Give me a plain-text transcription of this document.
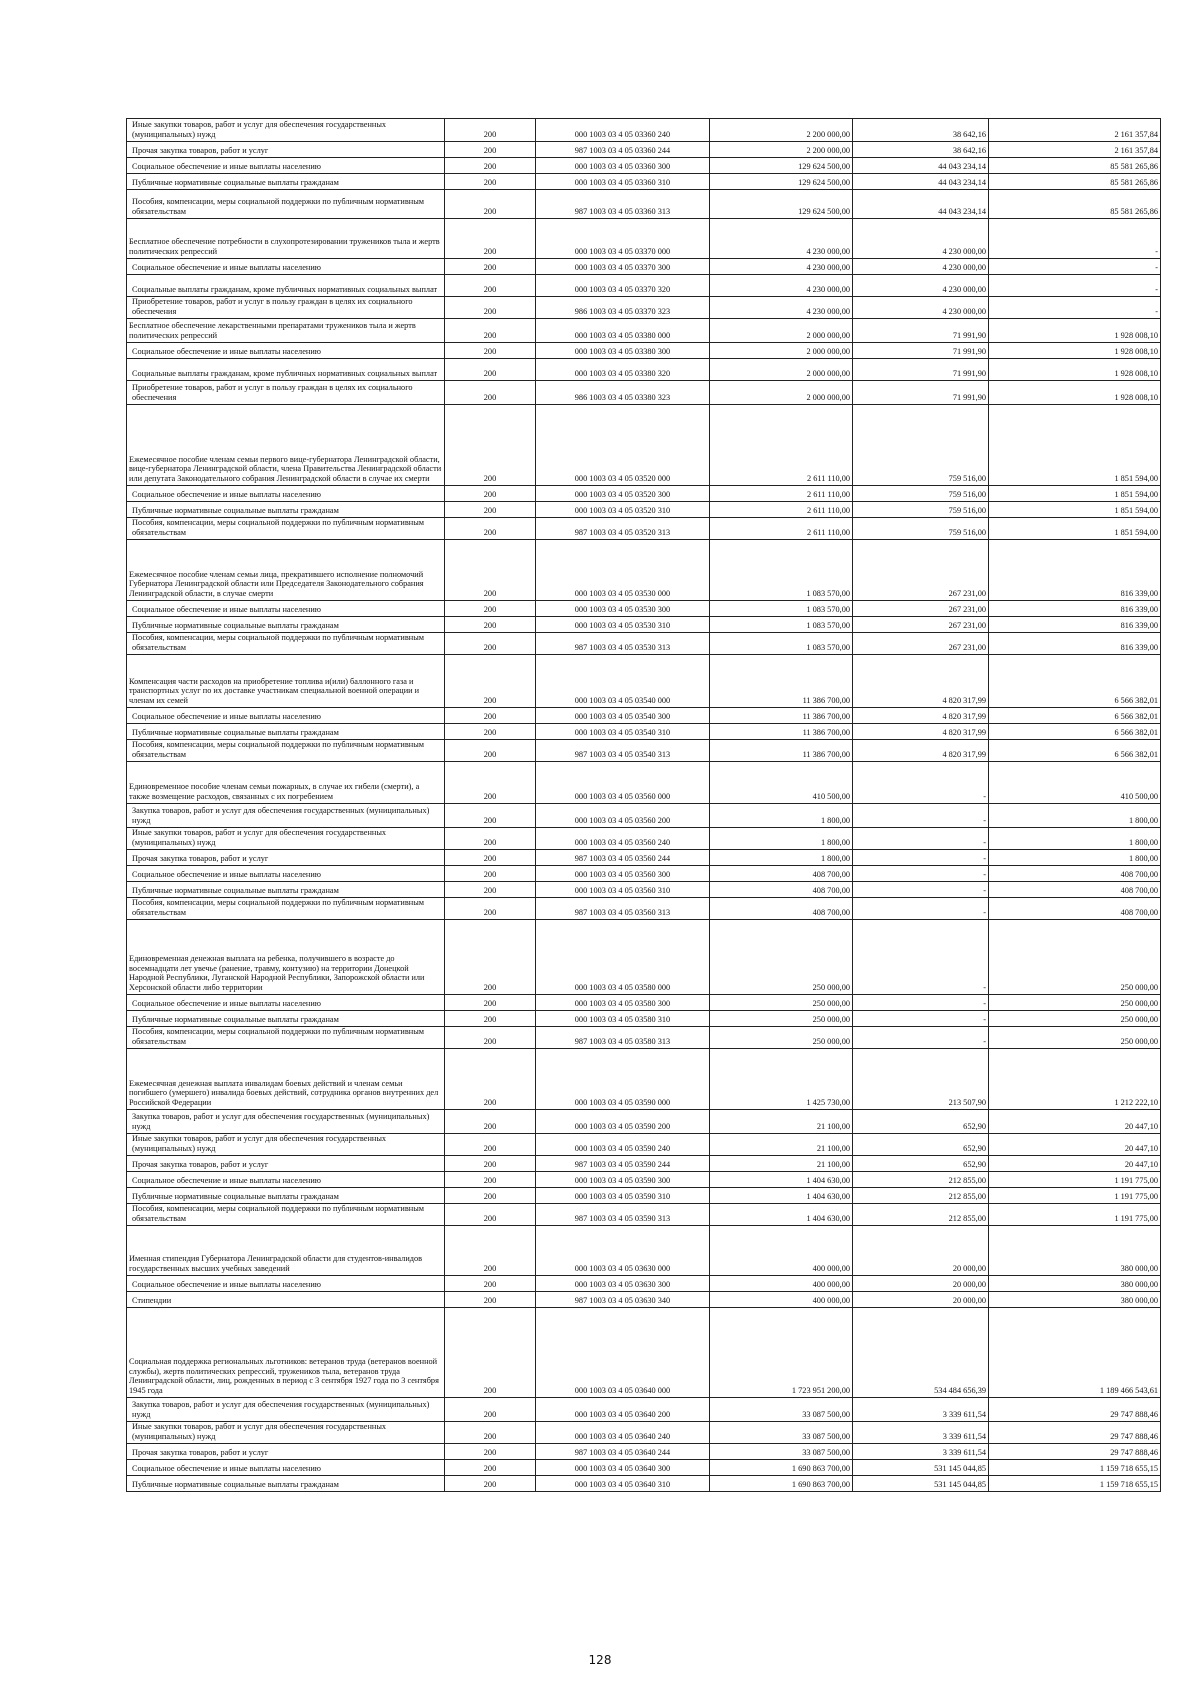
Иные закупки товаров, работ и услуг для обеспечения государственных (муниципальных) нужд	200	000 1003 03 4 05 03360 240	2 200 000,00	38 642,16	2 161 357,84
Прочая закупка товаров, работ и услуг	200	987 1003 03 4 05 03360 244	2 200 000,00	38 642,16	2 161 357,84
Социальное обеспечение и иные выплаты населению	200	000 1003 03 4 05 03360 300	129 624 500,00	44 043 234,14	85 581 265,86
Публичные нормативные социальные выплаты гражданам	200	000 1003 03 4 05 03360 310	129 624 500,00	44 043 234,14	85 581 265,86
Пособия, компенсации, меры социальной поддержки по публичным нормативным обязательствам	200	987 1003 03 4 05 03360 313	129 624 500,00	44 043 234,14	85 581 265,86
Бесплатное обеспечение потребности в слухопротезировании тружеников тыла и жертв политических репрессий	200	000 1003 03 4 05 03370 000	4 230 000,00	4 230 000,00	-
Социальное обеспечение и иные выплаты населению	200	000 1003 03 4 05 03370 300	4 230 000,00	4 230 000,00	-
Социальные выплаты гражданам, кроме публичных нормативных социальных выплат	200	000 1003 03 4 05 03370 320	4 230 000,00	4 230 000,00	-
Приобретение товаров, работ и услуг в пользу граждан в целях их социального обеспечения	200	986 1003 03 4 05 03370 323	4 230 000,00	4 230 000,00	-
Бесплатное обеспечение лекарственными препаратами тружеников тыла и жертв политических репрессий	200	000 1003 03 4 05 03380 000	2 000 000,00	71 991,90	1 928 008,10
Социальное обеспечение и иные выплаты населению	200	000 1003 03 4 05 03380 300	2 000 000,00	71 991,90	1 928 008,10
Социальные выплаты гражданам, кроме публичных нормативных социальных выплат	200	000 1003 03 4 05 03380 320	2 000 000,00	71 991,90	1 928 008,10
Приобретение товаров, работ и услуг в пользу граждан в целях их социального обеспечения	200	986 1003 03 4 05 03380 323	2 000 000,00	71 991,90	1 928 008,10
Ежемесячное пособие членам семьи первого вице-губернатора Ленинградской области, вице-губернатора Ленинградской области, члена Правительства Ленинградской области или депутата Законодательного собрания Ленинградской области в случае их смерти	200	000 1003 03 4 05 03520 000	2 611 110,00	759 516,00	1 851 594,00
Социальное обеспечение и иные выплаты населению	200	000 1003 03 4 05 03520 300	2 611 110,00	759 516,00	1 851 594,00
Публичные нормативные социальные выплаты гражданам	200	000 1003 03 4 05 03520 310	2 611 110,00	759 516,00	1 851 594,00
Пособия, компенсации, меры социальной поддержки по публичным нормативным обязательствам	200	987 1003 03 4 05 03520 313	2 611 110,00	759 516,00	1 851 594,00
Ежемесячное пособие членам семьи лица, прекратившего исполнение полномочий Губернатора Ленинградской области или Председателя Законодательного собрания Ленинградской области, в случае смерти	200	000 1003 03 4 05 03530 000	1 083 570,00	267 231,00	816 339,00
Социальное обеспечение и иные выплаты населению	200	000 1003 03 4 05 03530 300	1 083 570,00	267 231,00	816 339,00
Публичные нормативные социальные выплаты гражданам	200	000 1003 03 4 05 03530 310	1 083 570,00	267 231,00	816 339,00
Пособия, компенсации, меры социальной поддержки по публичным нормативным обязательствам	200	987 1003 03 4 05 03530 313	1 083 570,00	267 231,00	816 339,00
Компенсация части расходов на приобретение топлива и(или) баллонного газа и транспортных услуг по их доставке участникам специальной военной операции и членам их семей	200	000 1003 03 4 05 03540 000	11 386 700,00	4 820 317,99	6 566 382,01
Социальное обеспечение и иные выплаты населению	200	000 1003 03 4 05 03540 300	11 386 700,00	4 820 317,99	6 566 382,01
Публичные нормативные социальные выплаты гражданам	200	000 1003 03 4 05 03540 310	11 386 700,00	4 820 317,99	6 566 382,01
Пособия, компенсации, меры социальной поддержки по публичным нормативным обязательствам	200	987 1003 03 4 05 03540 313	11 386 700,00	4 820 317,99	6 566 382,01
Единовременное пособие членам семьи пожарных, в случае их гибели (смерти), а также возмещение расходов, связанных с их погребением	200	000 1003 03 4 05 03560 000	410 500,00	-	410 500,00
Закупка товаров, работ и услуг для обеспечения государственных (муниципальных) нужд	200	000 1003 03 4 05 03560 200	1 800,00	-	1 800,00
Иные закупки товаров, работ и услуг для обеспечения государственных (муниципальных) нужд	200	000 1003 03 4 05 03560 240	1 800,00	-	1 800,00
Прочая закупка товаров, работ и услуг	200	987 1003 03 4 05 03560 244	1 800,00	-	1 800,00
Социальное обеспечение и иные выплаты населению	200	000 1003 03 4 05 03560 300	408 700,00	-	408 700,00
Публичные нормативные социальные выплаты гражданам	200	000 1003 03 4 05 03560 310	408 700,00	-	408 700,00
Пособия, компенсации, меры социальной поддержки по публичным нормативным обязательствам	200	987 1003 03 4 05 03560 313	408 700,00	-	408 700,00
Единовременная денежная выплата на ребенка, получившего в возрасте до восемнадцати лет увечье (ранение, травму, контузию) на территории Донецкой Народной Республики, Луганской Народной Республики, Запорожской области или Херсонской области либо территории	200	000 1003 03 4 05 03580 000	250 000,00	-	250 000,00
Социальное обеспечение и иные выплаты населению	200	000 1003 03 4 05 03580 300	250 000,00	-	250 000,00
Публичные нормативные социальные выплаты гражданам	200	000 1003 03 4 05 03580 310	250 000,00	-	250 000,00
Пособия, компенсации, меры социальной поддержки по публичным нормативным обязательствам	200	987 1003 03 4 05 03580 313	250 000,00	-	250 000,00
Ежемесячная денежная выплата инвалидам боевых действий и членам семьи погибшего (умершего) инвалида боевых действий, сотрудника органов внутренних дел Российской Федерации	200	000 1003 03 4 05 03590 000	1 425 730,00	213 507,90	1 212 222,10
Закупка товаров, работ и услуг для обеспечения государственных (муниципальных) нужд	200	000 1003 03 4 05 03590 200	21 100,00	652,90	20 447,10
Иные закупки товаров, работ и услуг для обеспечения государственных (муниципальных) нужд	200	000 1003 03 4 05 03590 240	21 100,00	652,90	20 447,10
Прочая закупка товаров, работ и услуг	200	987 1003 03 4 05 03590 244	21 100,00	652,90	20 447,10
Социальное обеспечение и иные выплаты населению	200	000 1003 03 4 05 03590 300	1 404 630,00	212 855,00	1 191 775,00
Публичные нормативные социальные выплаты гражданам	200	000 1003 03 4 05 03590 310	1 404 630,00	212 855,00	1 191 775,00
Пособия, компенсации, меры социальной поддержки по публичным нормативным обязательствам	200	987 1003 03 4 05 03590 313	1 404 630,00	212 855,00	1 191 775,00
Именная стипендия Губернатора Ленинградской области для студентов-инвалидов государственных высших учебных заведений	200	000 1003 03 4 05 03630 000	400 000,00	20 000,00	380 000,00
Социальное обеспечение и иные выплаты населению	200	000 1003 03 4 05 03630 300	400 000,00	20 000,00	380 000,00
Стипендии	200	987 1003 03 4 05 03630 340	400 000,00	20 000,00	380 000,00
Социальная поддержка региональных льготников: ветеранов труда (ветеранов военной службы), жертв политических репрессий, тружеников тыла, ветеранов труда Ленинградской области, лиц, рожденных в период с 3 сентября 1927 года по 3 сентября 1945 года	200	000 1003 03 4 05 03640 000	1 723 951 200,00	534 484 656,39	1 189 466 543,61
Закупка товаров, работ и услуг для обеспечения государственных (муниципальных) нужд	200	000 1003 03 4 05 03640 200	33 087 500,00	3 339 611,54	29 747 888,46
Иные закупки товаров, работ и услуг для обеспечения государственных (муниципальных) нужд	200	000 1003 03 4 05 03640 240	33 087 500,00	3 339 611,54	29 747 888,46
Прочая закупка товаров, работ и услуг	200	987 1003 03 4 05 03640 244	33 087 500,00	3 339 611,54	29 747 888,46
Социальное обеспечение и иные выплаты населению	200	000 1003 03 4 05 03640 300	1 690 863 700,00	531 145 044,85	1 159 718 655,15
Публичные нормативные социальные выплаты гражданам	200	000 1003 03 4 05 03640 310	1 690 863 700,00	531 145 044,85	1 159 718 655,15
128
